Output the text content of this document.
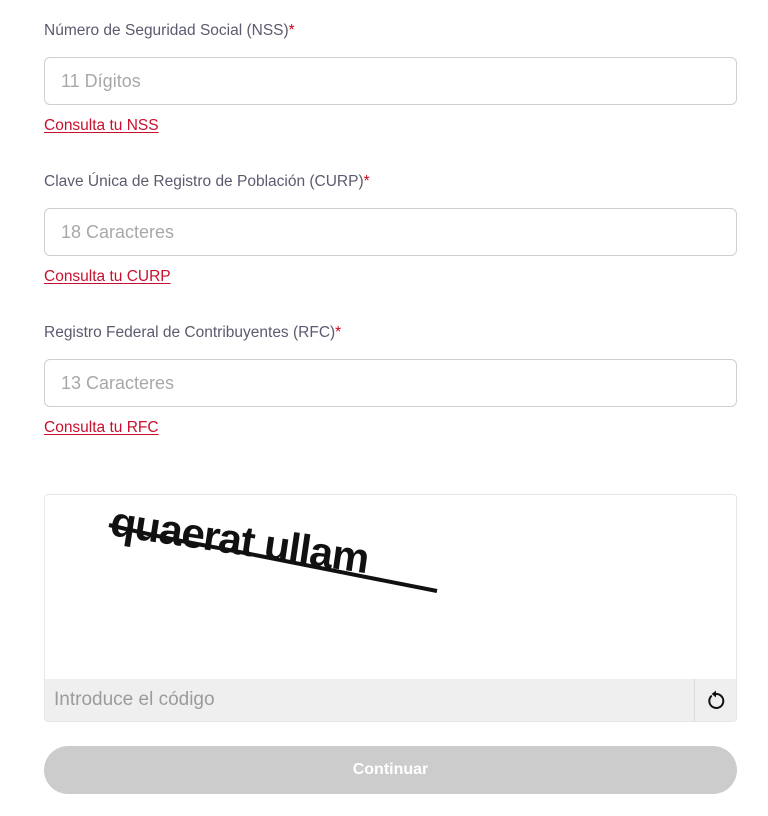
Número de Seguridad Social (NSS)*
11 Dígitos
Consulta tu NSS
Clave Única de Registro de Población (CURP)*
18 Caracteres
Consulta tu CURP
Registro Federal de Contribuyentes (RFC)*
13 Caracteres
Consulta tu RFC
quaerat ullam
Introduce el código
Continuar
